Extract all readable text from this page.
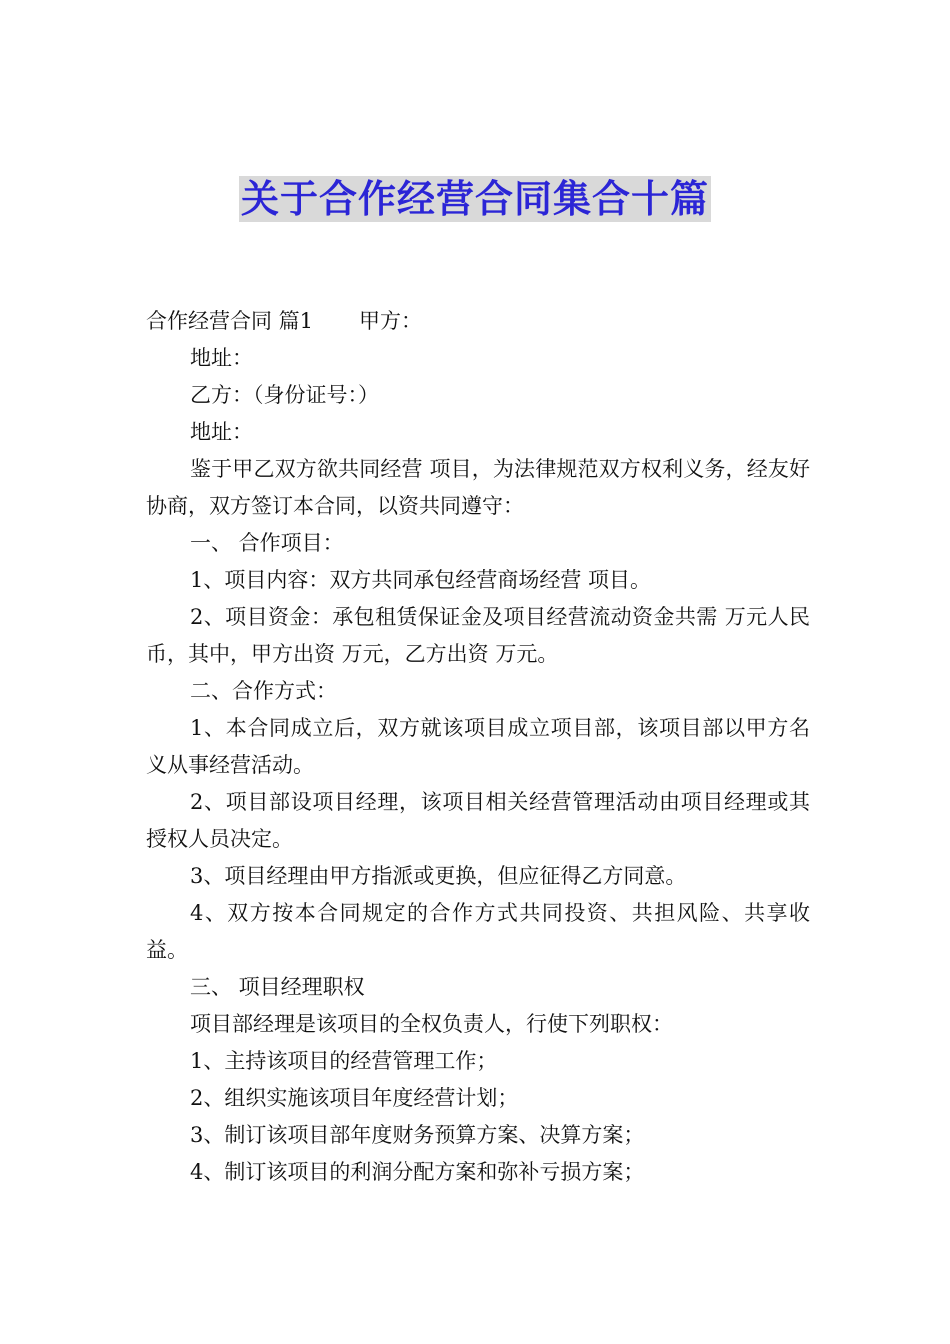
关于合作经营合同集合十篇

合作经营合同 篇1 甲方：

地址：

乙方：（身份证号：）

地址：

鉴于甲乙双方欲共同经营 项目，为法律规范双方权利义务，经友好协商，双方签订本合同，以资共同遵守：

一、 合作项目：

1、项目内容：双方共同承包经营商场经营 项目。

2、项目资金：承包租赁保证金及项目经营流动资金共需 万元人民币，其中，甲方出资 万元，乙方出资 万元。

二、合作方式：

1、本合同成立后，双方就该项目成立项目部，该项目部以甲方名义从事经营活动。

2、项目部设项目经理，该项目相关经营管理活动由项目经理或其授权人员决定。

3、项目经理由甲方指派或更换，但应征得乙方同意。

4、双方按本合同规定的合作方式共同投资、共担风险、共享收益。

三、 项目经理职权

项目部经理是该项目的全权负责人，行使下列职权：

1、主持该项目的经营管理工作；

2、组织实施该项目年度经营计划；

3、制订该项目部年度财务预算方案、决算方案；

4、制订该项目的利润分配方案和弥补亏损方案；
